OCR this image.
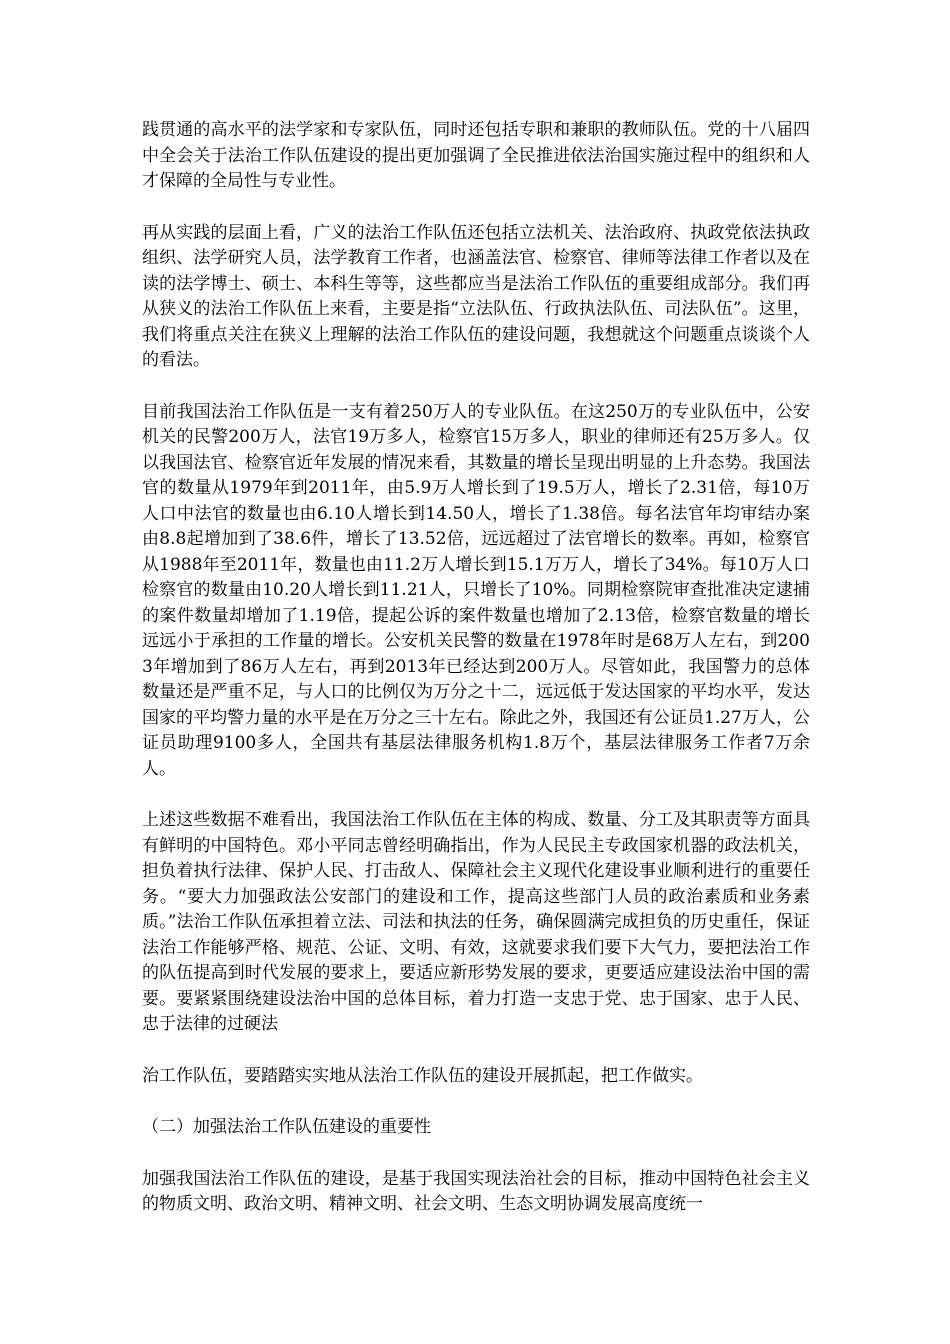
践贯通的高水平的法学家和专家队伍，同时还包括专职和兼职的教师队伍。党的十八届四中全会关于法治工作队伍建设的提出更加强调了全民推进依法治国实施过程中的组织和人才保障的全局性与专业性。

再从实践的层面上看，广义的法治工作队伍还包括立法机关、法治政府、执政党依法执政组织、法学研究人员，法学教育工作者，也涵盖法官、检察官、律师等法律工作者以及在读的法学博士、硕士、本科生等等，这些都应当是法治工作队伍的重要组成部分。我们再从狭义的法治工作队伍上来看，主要是指“立法队伍、行政执法队伍、司法队伍”。这里，我们将重点关注在狭义上理解的法治工作队伍的建设问题，我想就这个问题重点谈谈个人的看法。

目前我国法治工作队伍是一支有着250万人的专业队伍。在这250万的专业队伍中，公安机关的民警200万人，法官19万多人，检察官15万多人，职业的律师还有25万多人。仅以我国法官、检察官近年发展的情况来看，其数量的增长呈现出明显的上升态势。我国法官的数量从1979年到2011年，由5.9万人增长到了19.5万人，增长了2.31倍，每10万人口中法官的数量也由6.10人增长到14.50人，增长了1.38倍。每名法官年均审结办案由8.8起增加到了38.6件，增长了13.52倍，远远超过了法官增长的数率。再如，检察官从1988年至2011年，数量也由11.2万人增长到15.1万万人，增长了34%。每10万人口检察官的数量由10.20人增长到11.21人，只增长了10%。同期检察院审查批准决定逮捕的案件数量却增加了1.19倍，提起公诉的案件数量也增加了2.13倍，检察官数量的增长远远小于承担的工作量的增长。公安机关民警的数量在1978年时是68万人左右，到2003年增加到了86万人左右，再到2013年已经达到200万人。尽管如此，我国警力的总体数量还是严重不足，与人口的比例仅为万分之十二，远远低于发达国家的平均水平，发达国家的平均警力量的水平是在万分之三十左右。除此之外，我国还有公证员1.27万人，公证员助理9100多人，全国共有基层法律服务机构1.8万个，基层法律服务工作者7万余人。

上述这些数据不难看出，我国法治工作队伍在主体的构成、数量、分工及其职责等方面具有鲜明的中国特色。邓小平同志曾经明确指出，作为人民民主专政国家机器的政法机关，担负着执行法律、保护人民、打击敌人、保障社会主义现代化建设事业顺利进行的重要任务。“要大力加强政法公安部门的建设和工作，提高这些部门人员的政治素质和业务素质。”法治工作队伍承担着立法、司法和执法的任务，确保圆满完成担负的历史重任，保证法治工作能够严格、规范、公证、文明、有效，这就要求我们要下大气力，要把法治工作的队伍提高到时代发展的要求上，要适应新形势发展的要求，更要适应建设法治中国的需要。要紧紧围绕建设法治中国的总体目标，着力打造一支忠于党、忠于国家、忠于人民、忠于法律的过硬法

治工作队伍，要踏踏实实地从法治工作队伍的建设开展抓起，把工作做实。

（二）加强法治工作队伍建设的重要性

加强我国法治工作队伍的建设，是基于我国实现法治社会的目标，推动中国特色社会主义的物质文明、政治文明、精神文明、社会文明、生态文明协调发展高度统一
